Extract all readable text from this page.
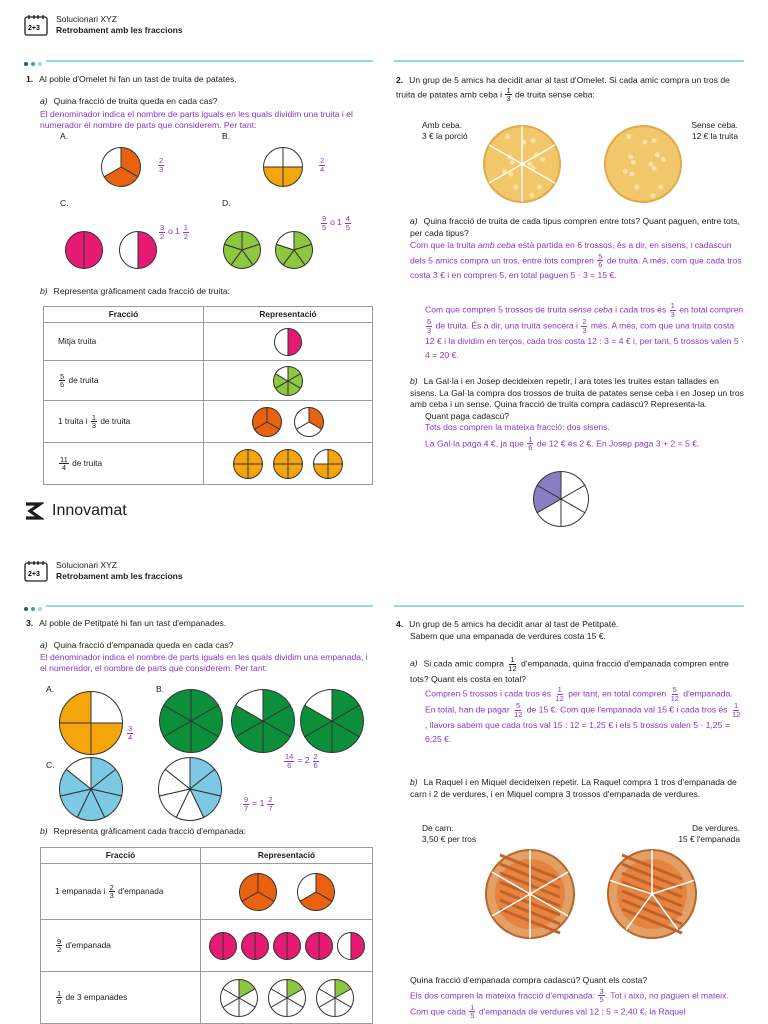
2+3
Solucionari XYZ
Retrobament amb les fraccions
1. Al poble d'Omelet hi fan un tast de truita de patates.
a) Quina fracció de truita queda en cada cas?
El denominador indica el nombre de parts iguals en les quals dividim una truita i el numerador el nombre de parts que considerem. Per tant:
A.
$\frac{2}{3}$
B.
$\frac{2}{4}$
C.
$\frac{3}{2}$ o $1 \frac{1}{2}$
D.
$\frac{9}{5}$ o $1 \frac{4}{5}$
b) Representa gràficament cada fracció de truita:
Fracció	Representació
Mitja truita	

$\frac{5}{6}$ de truita	

1 truita i $\frac{1}{3}$ de truita	

$\frac{11}{4}$ de truita	
2. Un grup de 5 amics ha decidit anar al tast d'Omelet. Si cada amic compra un tros de truita de patates amb ceba i $\frac{1}{3}$ de truita sense ceba:
Amb ceba.
3 € la porció
Sense ceba.
12 € la truita
a) Quina fracció de truita de cada tipus compren entre tots? Quant paguen, entre tots, per cada tipus?
Com que la truita amb ceba està partida en 6 trossos, és a dir, en sisens, i cadascun dels 5 amics compra un tros, entre tots compren $\frac{5}{6}$ de truita. A més, com que cada tros costa 3 € i en compren 5, en total paguen 5 · 3 = 15 €.
Com que compren 5 trossos de truita sense ceba i cada tros és $\frac{1}{3}$ en total compren
$\frac{5}{3}$ de truita. És a dir, una truita sencera i $\frac{2}{3}$ més. A més, com que una truita costa 12 € i la dividim en terços, cada tros costa 12 : 3 = 4 € i, per tant, 5 trossos valen 5 · 4 = 20 €.
b) La Gal·la i en Josep decideixen repetir, i ara totes les truites estan tallades en sisens. La Gal·la compra dos trossos de truita de patates sense ceba i en Josep un tros amb ceba i un sense. Quina fracció de truita compra cadascú? Representa-la.
Quant paga cadascú?
Tots dos compren la mateixa fracció: dos sisens.
La Gal·la paga 4 €, ja que $\frac{1}{6}$ de 12 € és 2 €. En Josep paga 3 + 2 = 5 €.
Innovamat
2+3
Solucionari XYZ
Retrobament amb les fraccions
3. Al poble de Petitpaté hi fan un tast d'empanades.
a) Quina fracció d'empanada queda en cada cas?
El denominador indica el nombre de parts iguals en les quals dividim una empanada, i el numerador, el nombre de parts que considerem. Per tant:
A.
$\frac{3}{4}$
B.
$\frac{14}{6} = 2 \frac{2}{6}$
C.
$\frac{9}{7} = 1 \frac{2}{7}$
b) Representa gràficament cada fracció d'empanada:
Fracció	Representació
1 empanada i $\frac{2}{3}$ d'empanada	

$\frac{9}{2}$ d'empanada	

$\frac{1}{6}$ de 3 empanades	
4. Un grup de 5 amics ha decidit anar al tast de Petitpaté.
Sabem que una empanada de verdures costa 15 €.
a) Si cada amic compra $\frac{1}{12}$ d'empanada, quina fracció d'empanada compren entre tots? Quant els costa en total?
Compren 5 trossos i cada tros és $\frac{1}{12}$ per tant, en total compren $\frac{5}{12}$ d'empanada.
En total, han de pagar $\frac{5}{12}$ de 15 €. Com que l'empanada val 15 € i cada tros és $\frac{1}{12}$
, llavors sabem que cada tros val 15 : 12 = 1,25 € i els 5 trossos valen 5 · 1,25 = 6,25 €.
b) La Raquel i en Miquel decideixen repetir. La Raquel compra 1 tros d'empanada de carn i 2 de verdures, i en Miquel compra 3 trossos d'empanada de verdures.
De carn.
3,50 € per tros
De verdures.
15 € l'empanada
Quina fracció d'empanada compra cadascú? Quant els costa?
Els dos compren la mateixa fracció d'empanada: $\frac{3}{5}$ . Tot i això, no paguen el mateix. Com que cada $\frac{1}{5}$ d'empanada de verdures val 12 : 5 = 2,40 €, la Raquel
